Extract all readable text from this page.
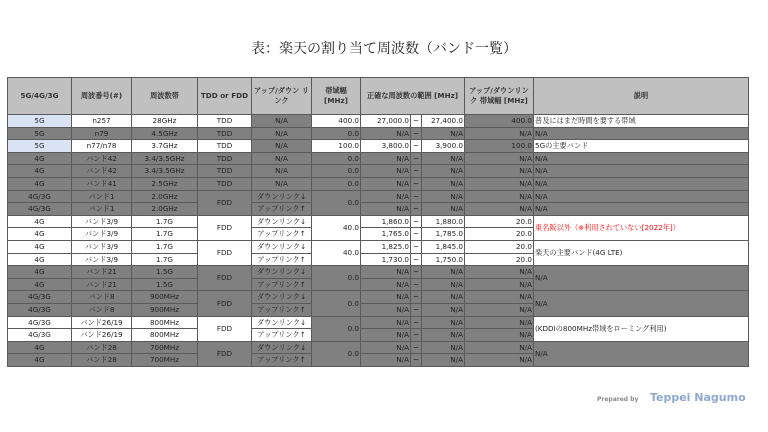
表：楽天の割り当て周波数（バンド一覧）
5G/4G/3G	周波番号(#)	周波数帯	TDD or FDD	アップ/ダウン リンク	帯域幅 [MHz]	正確な周波数の範囲 [MHz]			アップ/ダウンリンク 帯域幅 [MHz]	説明
5G	n257	28GHz	TDD	N/A	400.0	27,000.0	~	27,400.0	400.0	普及にはまだ時間を要する帯域
5G	n79	4.5GHz	TDD	N/A	0.0	N/A	~	N/A	N/A	N/A
5G	n77/n78	3.7GHz	TDD	N/A	100.0	3,800.0	~	3,900.0	100.0	5Gの主要バンド
4G	バンド42	3.4/3.5GHz	TDD	N/A	0.0	N/A	~	N/A	N/A	N/A
4G	バンド42	3.4/3.5GHz	TDD	N/A	0.0	N/A	~	N/A	N/A	N/A
4G	バンド41	2.5GHz	TDD	N/A	0.0	N/A	~	N/A	N/A	N/A
4G/3G	バンド1	2.0GHz	FDD	ダウンリンク↓	0.0	N/A	~	N/A	N/A	N/A
4G/3G	バンド1	2.0GHz		アップリンク↑		N/A	~	N/A	N/A	N/A
4G	バンド3/9	1.7G	FDD	ダウンリンク↓	40.0	1,860.0	~	1,880.0	20.0	東名阪以外（※利用されていない[2022年]）
4G	バンド3/9	1.7G		アップリンク↑		1,765.0	~	1,785.0	20.0	
4G	バンド3/9	1.7G	FDD	ダウンリンク↓	40.0	1,825.0	~	1,845.0	20.0	楽天の主要バンド(4G LTE)
4G	バンド3/9	1.7G		アップリンク↑		1,730.0	~	1,750.0	20.0	
4G	バンド21	1.5G	FDD	ダウンリンク↓	0.0	N/A	~	N/A	N/A	N/A
4G	バンド21	1.5G		アップリンク↑		N/A	~	N/A	N/A	
4G/3G	バンド8	900MHz	FDD	ダウンリンク↓	0.0	N/A	~	N/A	N/A	N/A
4G/3G	バンド8	900MHz		アップリンク↑		N/A	~	N/A	N/A	
4G/3G	バンド26/19	800MHz	FDD	ダウンリンク↓	0.0	N/A	~	N/A	N/A	(KDDIの800MHz帯域をローミング利用)
4G/3G	バンド26/19	800MHz		アップリンク↑		N/A	~	N/A	N/A	
4G	バンド28	700MHz	FDD	ダウンリンク↓	0.0	N/A	~	N/A	N/A	N/A
4G	バンド28	700MHz		アップリンク↑		N/A	~	N/A	N/A	
Prepared by Teppei Nagumo
